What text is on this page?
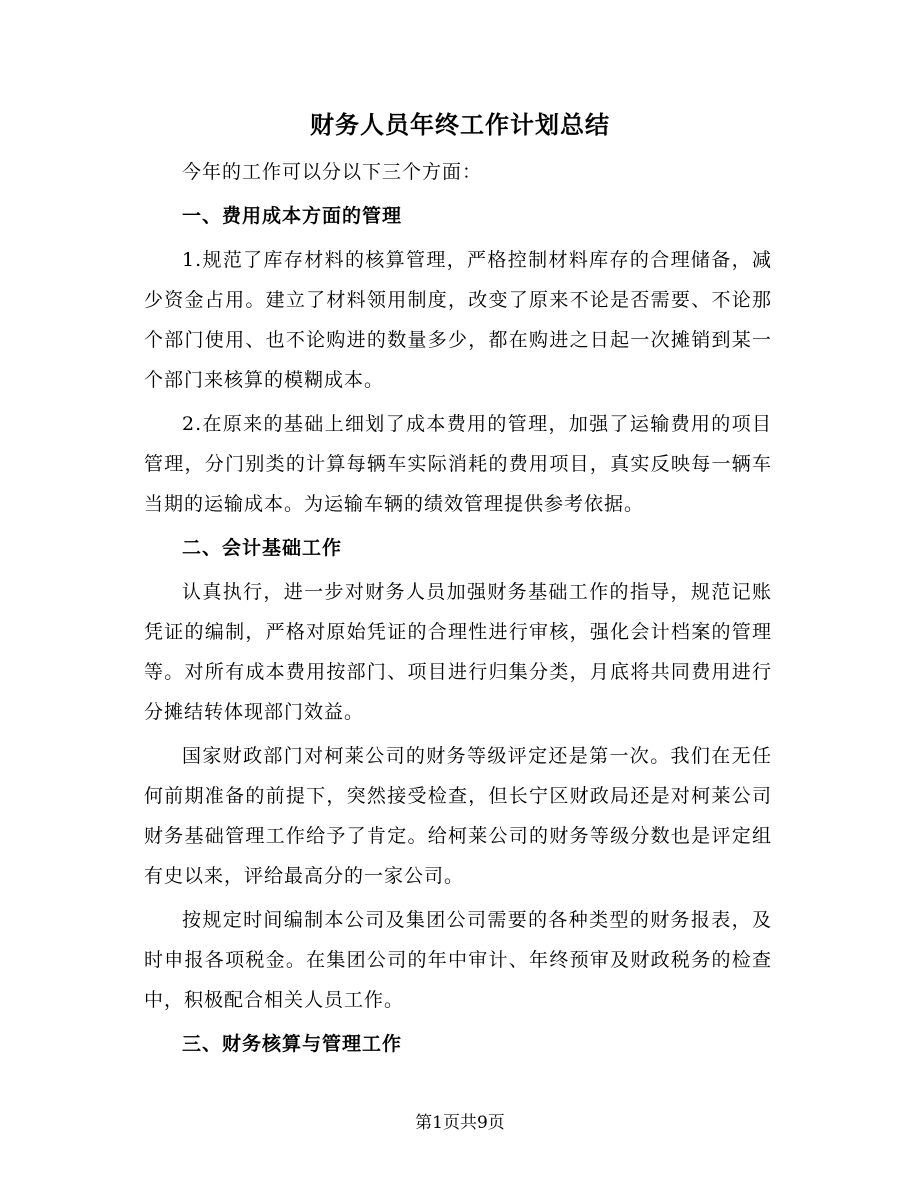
财务人员年终工作计划总结

今年的工作可以分以下三个方面：

一、费用成本方面的管理

1.规范了库存材料的核算管理，严格控制材料库存的合理储备，减少资金占用。建立了材料领用制度，改变了原来不论是否需要、不论那个部门使用、也不论购进的数量多少，都在购进之日起一次摊销到某一个部门来核算的模糊成本。

2.在原来的基础上细划了成本费用的管理，加强了运输费用的项目管理，分门别类的计算每辆车实际消耗的费用项目，真实反映每一辆车当期的运输成本。为运输车辆的绩效管理提供参考依据。

二、会计基础工作

认真执行，进一步对财务人员加强财务基础工作的指导，规范记账凭证的编制，严格对原始凭证的合理性进行审核，强化会计档案的管理等。对所有成本费用按部门、项目进行归集分类，月底将共同费用进行分摊结转体现部门效益。

国家财政部门对柯莱公司的财务等级评定还是第一次。我们在无任何前期准备的前提下，突然接受检查，但长宁区财政局还是对柯莱公司财务基础管理工作给予了肯定。给柯莱公司的财务等级分数也是评定组有史以来，评给最高分的一家公司。

按规定时间编制本公司及集团公司需要的各种类型的财务报表，及时申报各项税金。在集团公司的年中审计、年终预审及财政税务的检查中，积极配合相关人员工作。

三、财务核算与管理工作

第1页共9页
